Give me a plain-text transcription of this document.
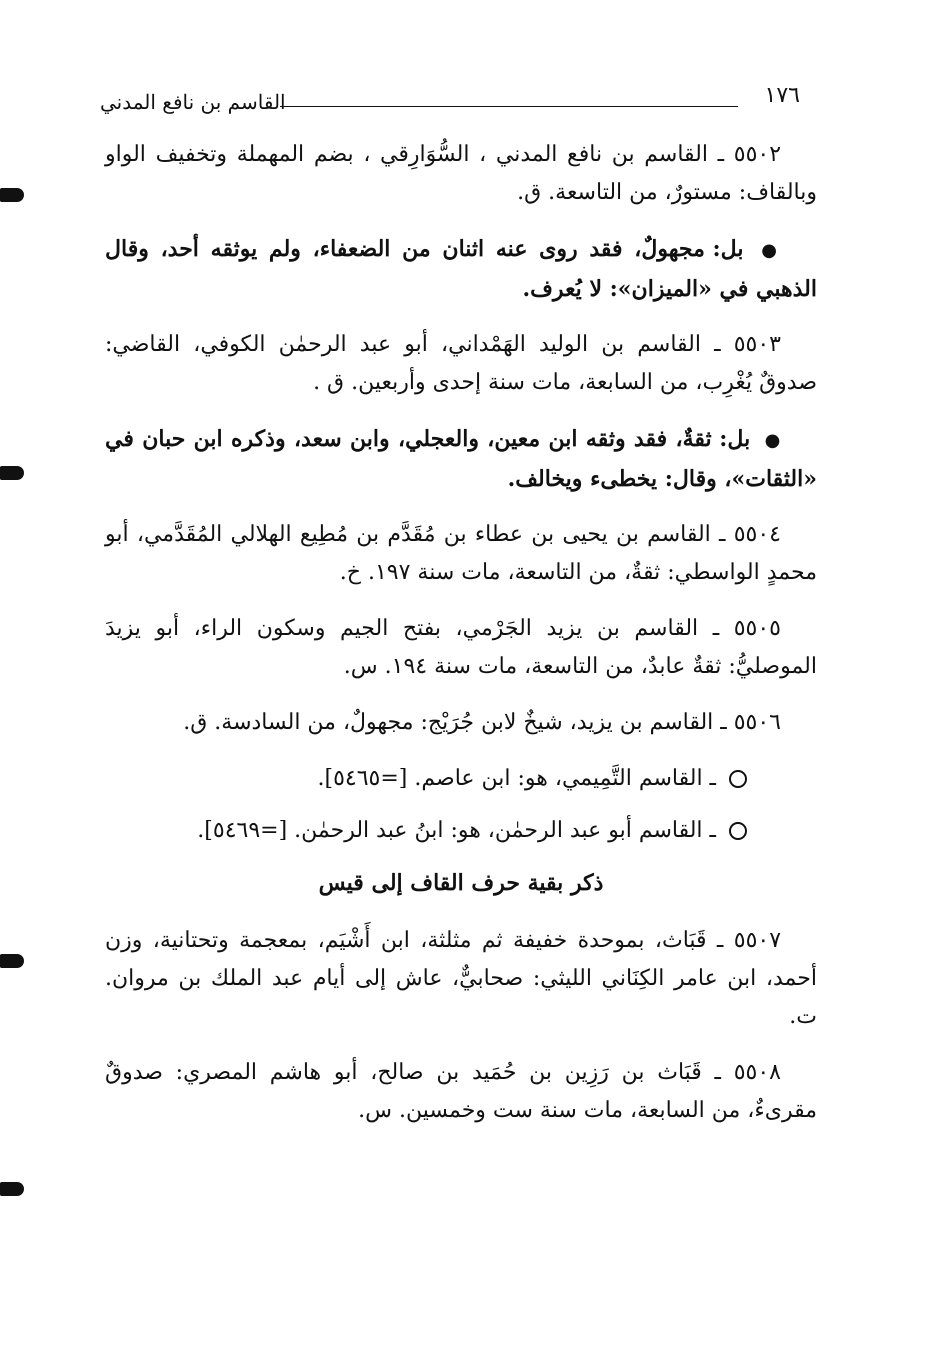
١٧٦
القاسم بن نافع المدني

٥٥٠٢ ـ القاسم بن نافع المدني ، السُّوَارِقي ، بضم المهملة وتخفيف الواو وبالقاف: مستورٌ، من التاسعة. ق.

● بل: مجهولٌ، فقد روى عنه اثنان من الضعفاء، ولم يوثقه أحد، وقال الذهبي في «الميزان»: لا يُعرف.

٥٥٠٣ ـ القاسم بن الوليد الهَمْداني، أبو عبد الرحمٰن الكوفي، القاضي: صدوقٌ يُغْرِب، من السابعة، مات سنة إحدى وأربعين. ق .

● بل: ثقةٌ، فقد وثقه ابن معين، والعجلي، وابن سعد، وذكره ابن حبان في «الثقات»، وقال: يخطىء ويخالف.

٥٥٠٤ ـ القاسم بن يحيى بن عطاء بن مُقَدَّم بن مُطِيع الهلالي المُقَدَّمي، أبو محمدٍ الواسطي: ثقةٌ، من التاسعة، مات سنة ١٩٧. خ.

٥٥٠٥ ـ القاسم بن يزيد الجَرْمي، بفتح الجيم وسكون الراء، أبو يزيدَ الموصليُّ: ثقةٌ عابدٌ، من التاسعة، مات سنة ١٩٤. س.

٥٥٠٦ ـ القاسم بن يزيد، شيخٌ لابن جُرَيْج: مجهولٌ، من السادسة. ق.

ـ القاسم التَّمِيمي، هو: ابن عاصم. [=٥٤٦٥].

ـ القاسم أبو عبد الرحمٰن، هو: ابنُ عبد الرحمٰن. [=٥٤٦٩].

ذكر بقية حرف القاف إلى قيس

٥٥٠٧ ـ قَبَاث، بموحدة خفيفة ثم مثلثة، ابن أَشْيَم، بمعجمة وتحتانية، وزن أحمد، ابن عامر الكِنَاني الليثي: صحابيٌّ، عاش إلى أيام عبد الملك بن مروان. ت.

٥٥٠٨ ـ قَبَاث بن رَزِين بن حُمَيد بن صالح، أبو هاشم المصري: صدوقٌ مقرىءٌ، من السابعة، مات سنة ست وخمسين. س.
